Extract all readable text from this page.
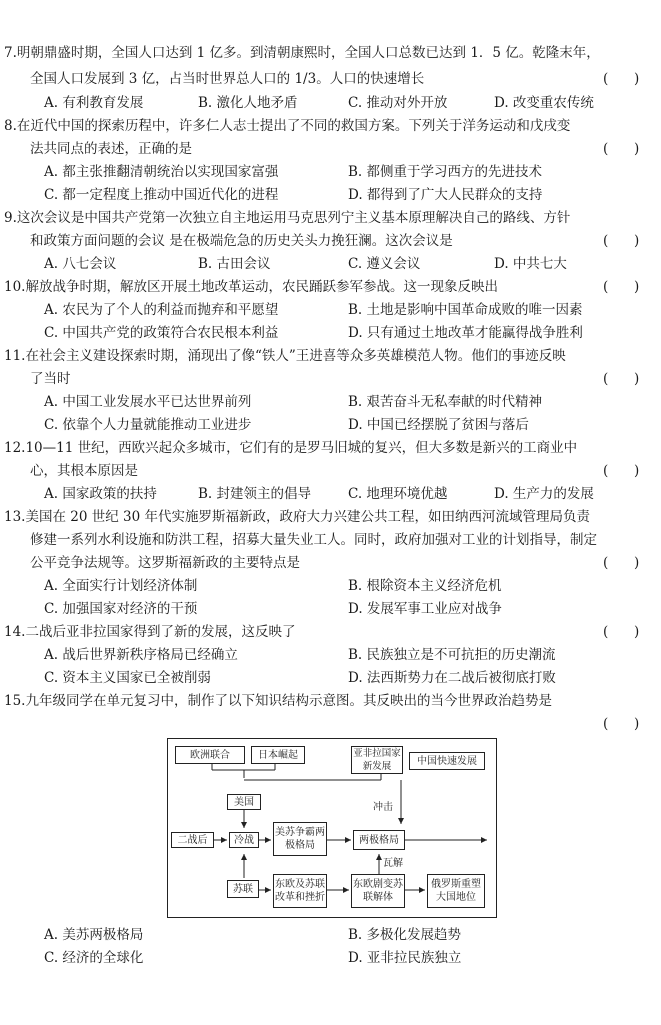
7.明朝鼎盛时期，全国人口达到 1 亿多。到清朝康熙时，全国人口总数已达到 1．5 亿。乾隆末年，
全国人口发展到 3 亿，占当时世界总人口的 1/3。人口的快速增长	(      )
A. 有利教育发展	B. 激化人地矛盾	C. 推动对外开放	D. 改变重农传统
8.在近代中国的探索历程中，许多仁人志士提出了不同的救国方案。下列关于洋务运动和戊戌变
法共同点的表述，正确的是	(      )
A. 都主张推翻清朝统治以实现国家富强	B. 都侧重于学习西方的先进技术
C. 都一定程度上推动中国近代化的进程	D. 都得到了广大人民群众的支持
9.这次会议是中国共产党第一次独立自主地运用马克思列宁主义基本原理解决自己的路线、方针
和政策方面问题的会议 是在极端危急的历史关头力挽狂澜。这次会议是	(      )
A. 八七会议	B. 古田会议	C. 遵义会议	D. 中共七大
10.解放战争时期，解放区开展土地改革运动，农民踊跃参军参战。这一现象反映出	(      )
A. 农民为了个人的利益而抛弃和平愿望	B. 土地是影响中国革命成败的唯一因素
C. 中国共产党的政策符合农民根本利益	D. 只有通过土地改革才能赢得战争胜利
11.在社会主义建设探索时期，涌现出了像“铁人”王进喜等众多英雄模范人物。他们的事迹反映
了当时	(      )
A. 中国工业发展水平已达世界前列	B. 艰苦奋斗无私奉献的时代精神
C. 依靠个人力量就能推动工业进步	D. 中国已经摆脱了贫困与落后
12.10—11 世纪，西欧兴起众多城市，它们有的是罗马旧城的复兴，但大多数是新兴的工商业中
心，其根本原因是	(      )
A. 国家政策的扶持	B. 封建领主的倡导	C. 地理环境优越	D. 生产力的发展
13.美国在 20 世纪 30 年代实施罗斯福新政，政府大力兴建公共工程，如田纳西河流域管理局负责
修建一系列水利设施和防洪工程，招募大量失业工人。同时，政府加强对工业的计划指导，制定
公平竞争法规等。这罗斯福新政的主要特点是	(      )
A. 全面实行计划经济体制	B. 根除资本主义经济危机
C. 加强国家对经济的干预	D. 发展军事工业应对战争
14.二战后亚非拉国家得到了新的发展，这反映了	(      )
A. 战后世界新秩序格局已经确立	B. 民族独立是不可抗拒的历史潮流
C. 资本主义国家已全被削弱	D. 法西斯势力在二战后被彻底打败
15.九年级同学在单元复习中，制作了以下知识结构示意图。其反映出的当今世界政治趋势是
(      )
欧洲联合	日本崛起	亚非拉国家新发展	中国快速发展
美国	冲击
二战后	冷战
美苏争霸两极格局	两极格局
瓦解
苏联	东欧及苏联改革和挫折
东欧剧变苏联解体
俄罗斯重塑大国地位
A. 美苏两极格局	B. 多极化发展趋势
C. 经济的全球化	D. 亚非拉民族独立
